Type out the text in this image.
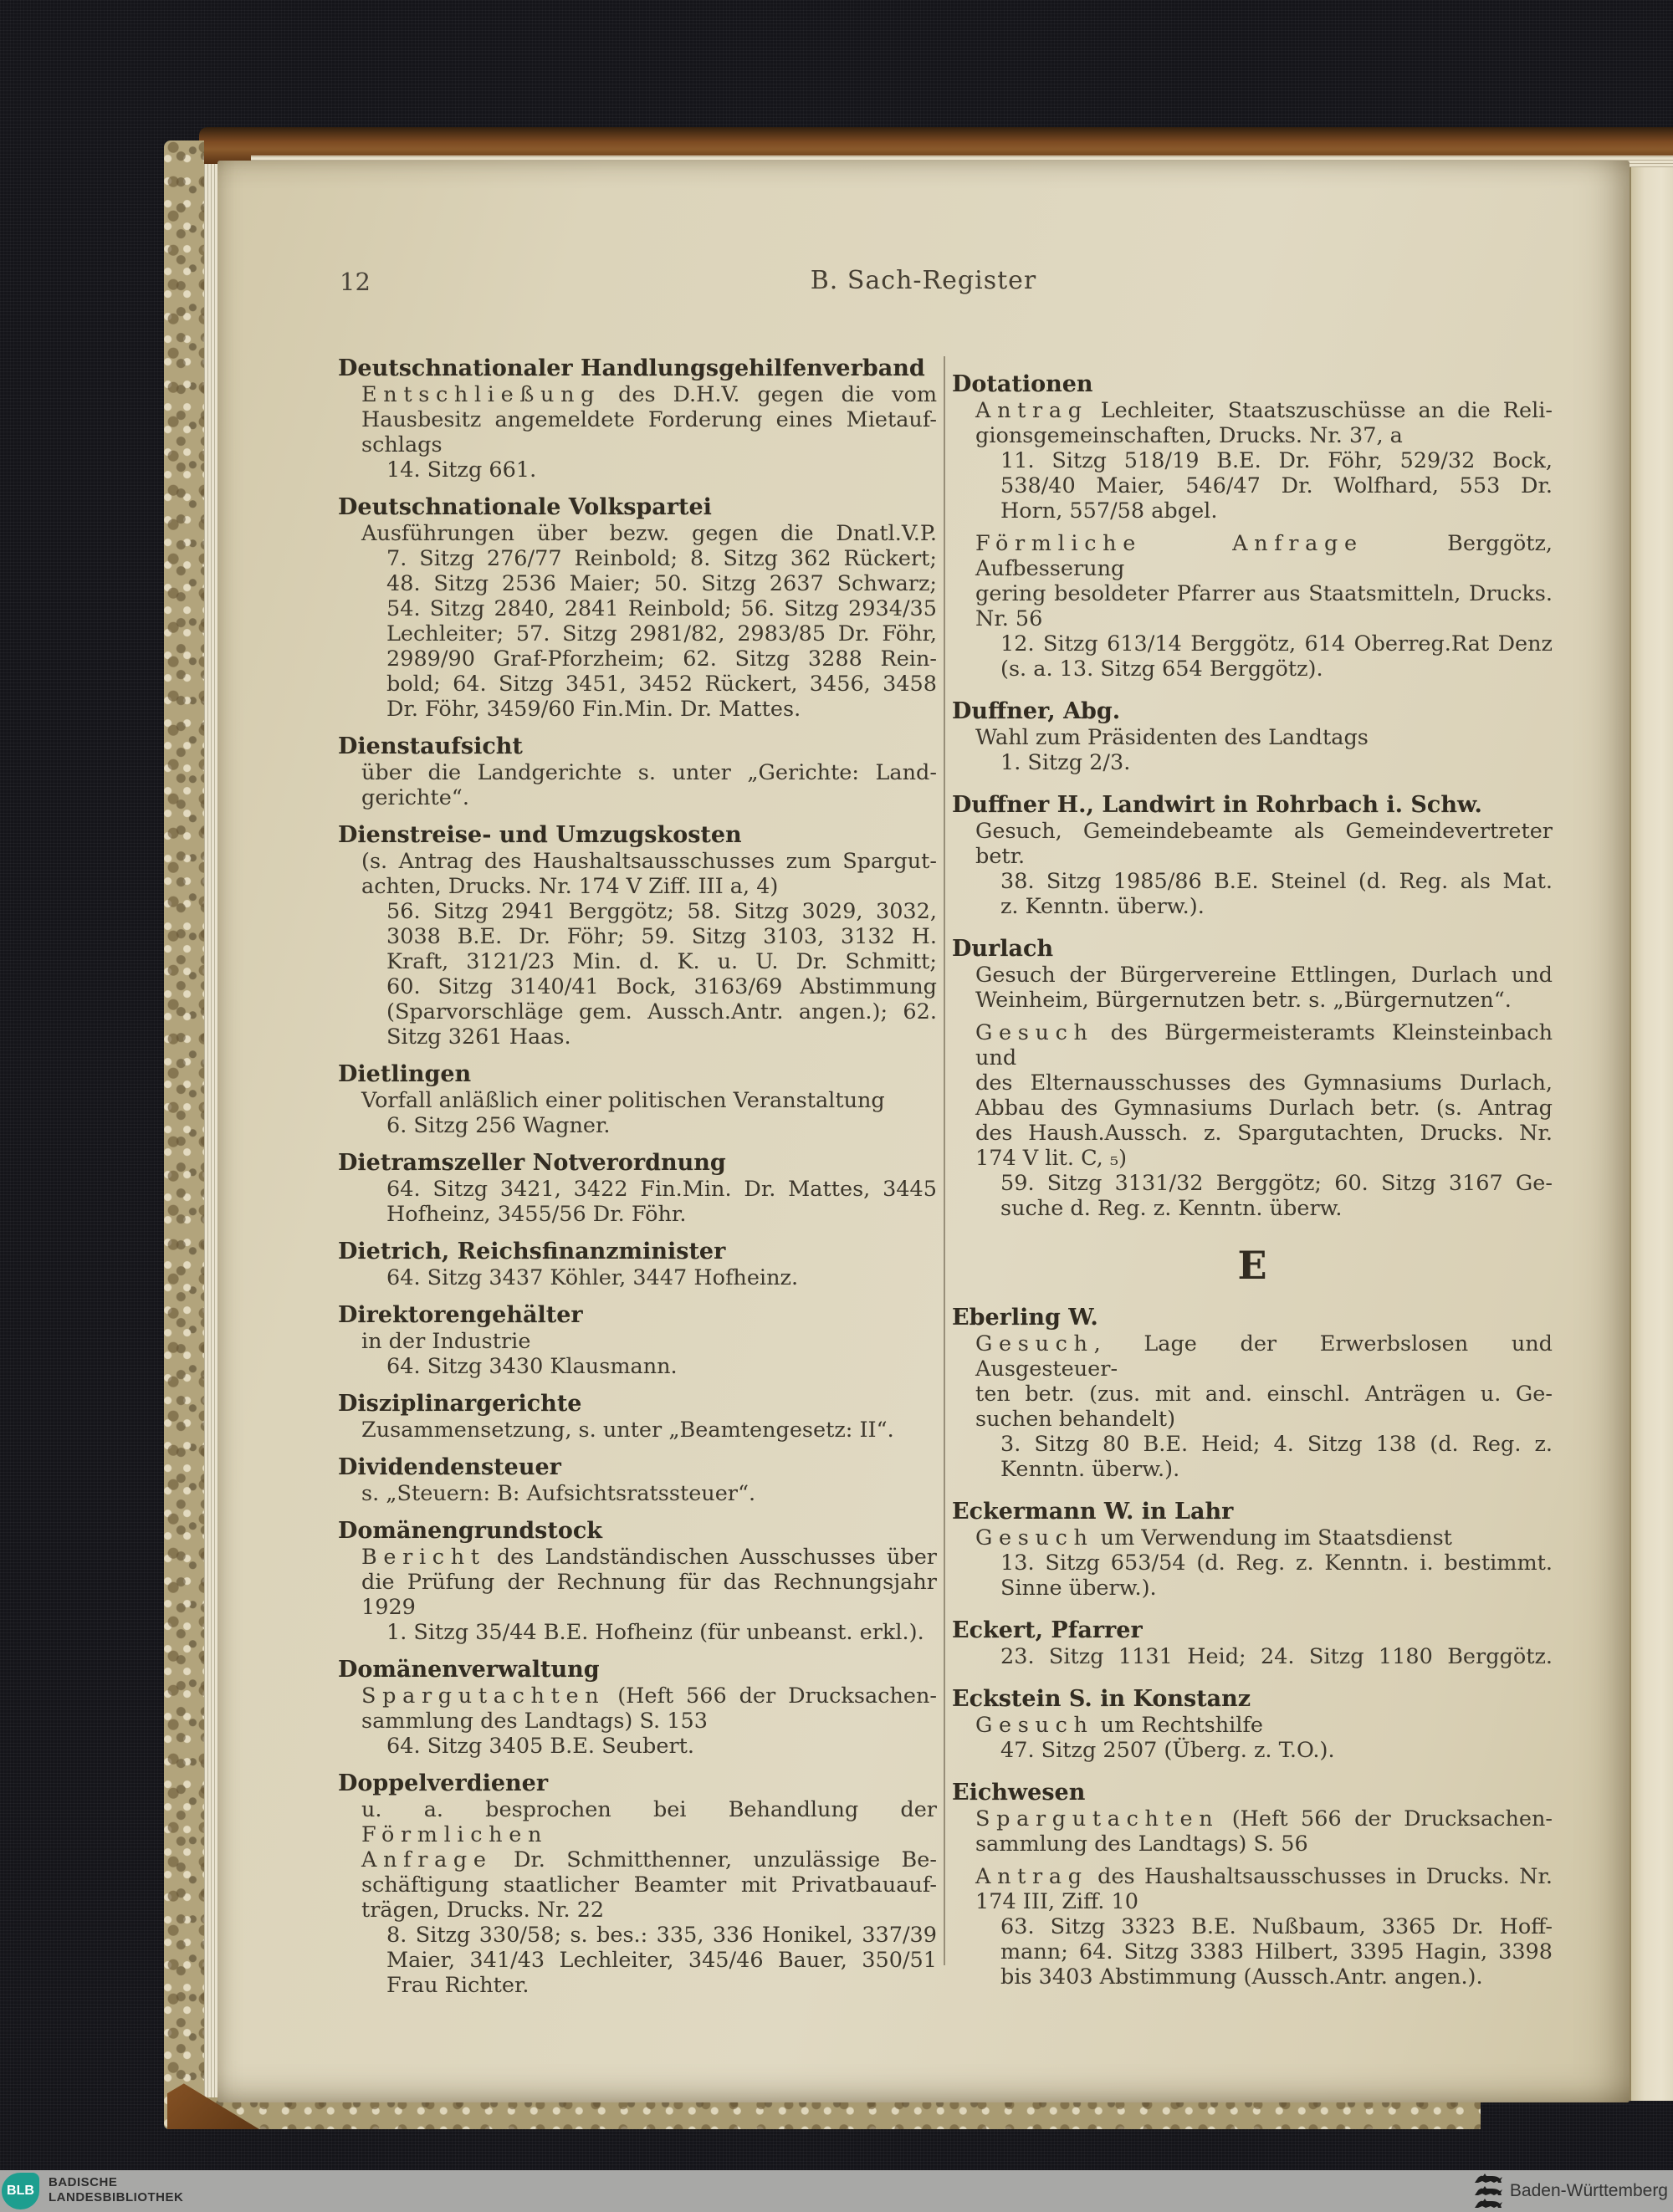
12	B. Sach-Register
Deutschnationaler Handlungsgehilfenverband
Entschließung des D.H.V. gegen die vom
Hausbesitz angemeldete Forderung eines Mietauf-
schlags
14. Sitzg 661.
Deutschnationale Volkspartei
Ausführungen über bezw. gegen die Dnatl.V.P.
7. Sitzg 276/77 Reinbold; 8. Sitzg 362 Rückert;
48. Sitzg 2536 Maier; 50. Sitzg 2637 Schwarz;
54. Sitzg 2840, 2841 Reinbold; 56. Sitzg 2934/35
Lechleiter; 57. Sitzg 2981/82, 2983/85 Dr. Föhr,
2989/90 Graf-Pforzheim; 62. Sitzg 3288 Rein-
bold; 64. Sitzg 3451, 3452 Rückert, 3456, 3458
Dr. Föhr, 3459/60 Fin.Min. Dr. Mattes.
Dienstaufsicht
über die Landgerichte s. unter „Gerichte: Land-
gerichte“.
Dienstreise- und Umzugskosten
(s. Antrag des Haushaltsausschusses zum Spargut-
achten, Drucks. Nr. 174 V Ziff. III a, 4)
56. Sitzg 2941 Berggötz; 58. Sitzg 3029, 3032,
3038 B.E. Dr. Föhr; 59. Sitzg 3103, 3132 H.
Kraft, 3121/23 Min. d. K. u. U. Dr. Schmitt;
60. Sitzg 3140/41 Bock, 3163/69 Abstimmung
(Sparvorschläge gem. Aussch.Antr. angen.); 62.
Sitzg 3261 Haas.
Dietlingen
Vorfall anläßlich einer politischen Veranstaltung
6. Sitzg 256 Wagner.
Dietramszeller Notverordnung
64. Sitzg 3421, 3422 Fin.Min. Dr. Mattes, 3445
Hofheinz, 3455/56 Dr. Föhr.
Dietrich, Reichsfinanzminister
64. Sitzg 3437 Köhler, 3447 Hofheinz.
Direktorengehälter
in der Industrie
64. Sitzg 3430 Klausmann.
Disziplinargerichte
Zusammensetzung, s. unter „Beamtengesetz: II“.
Dividendensteuer
s. „Steuern: B: Aufsichtsratssteuer“.
Domänengrundstock
Bericht des Landständischen Ausschusses über
die Prüfung der Rechnung für das Rechnungsjahr
1929
1. Sitzg 35/44 B.E. Hofheinz (für unbeanst. erkl.).
Domänenverwaltung
Spargutachten (Heft 566 der Drucksachen-
sammlung des Landtags) S. 153
64. Sitzg 3405 B.E. Seubert.
Doppelverdiener
u. a. besprochen bei Behandlung der Förmlichen
Anfrage Dr. Schmitthenner, unzulässige Be-
schäftigung staatlicher Beamter mit Privatbauauf-
trägen, Drucks. Nr. 22
8. Sitzg 330/58; s. bes.: 335, 336 Honikel, 337/39
Maier, 341/43 Lechleiter, 345/46 Bauer, 350/51
Frau Richter.
Dotationen
Antrag Lechleiter, Staatszuschüsse an die Reli-
gionsgemeinschaften, Drucks. Nr. 37, a
11. Sitzg 518/19 B.E. Dr. Föhr, 529/32 Bock,
538/40 Maier, 546/47 Dr. Wolfhard, 553 Dr.
Horn, 557/58 abgel.
Förmliche Anfrage Berggötz, Aufbesserung
gering besoldeter Pfarrer aus Staatsmitteln, Drucks.
Nr. 56
12. Sitzg 613/14 Berggötz, 614 Oberreg.Rat Denz
(s. a. 13. Sitzg 654 Berggötz).
Duffner, Abg.
Wahl zum Präsidenten des Landtags
1. Sitzg 2/3.
Duffner H., Landwirt in Rohrbach i. Schw.
Gesuch, Gemeindebeamte als Gemeindevertreter
betr.
38. Sitzg 1985/86 B.E. Steinel (d. Reg. als Mat.
z. Kenntn. überw.).
Durlach
Gesuch der Bürgervereine Ettlingen, Durlach und
Weinheim, Bürgernutzen betr. s. „Bürgernutzen“.
Gesuch des Bürgermeisteramts Kleinsteinbach und
des Elternausschusses des Gymnasiums Durlach,
Abbau des Gymnasiums Durlach betr. (s. Antrag
des Haush.Aussch. z. Spargutachten, Drucks. Nr.
174 V lit. C, ₅)
59. Sitzg 3131/32 Berggötz; 60. Sitzg 3167 Ge-
suche d. Reg. z. Kenntn. überw.
E
Eberling W.
Gesuch, Lage der Erwerbslosen und Ausgesteuer-
ten betr. (zus. mit and. einschl. Anträgen u. Ge-
suchen behandelt)
3. Sitzg 80 B.E. Heid; 4. Sitzg 138 (d. Reg. z.
Kenntn. überw.).
Eckermann W. in Lahr
Gesuch um Verwendung im Staatsdienst
13. Sitzg 653/54 (d. Reg. z. Kenntn. i. bestimmt.
Sinne überw.).
Eckert, Pfarrer
23. Sitzg 1131 Heid; 24. Sitzg 1180 Berggötz.
Eckstein S. in Konstanz
Gesuch um Rechtshilfe
47. Sitzg 2507 (Überg. z. T.O.).
Eichwesen
Spargutachten (Heft 566 der Drucksachen-
sammlung des Landtags) S. 56
Antrag des Haushaltsausschusses in Drucks. Nr.
174 III, Ziff. 10
63. Sitzg 3323 B.E. Nußbaum, 3365 Dr. Hoff-
mann; 64. Sitzg 3383 Hilbert, 3395 Hagin, 3398
bis 3403 Abstimmung (Aussch.Antr. angen.).
BLB
BADISCHE
LANDESBIBLIOTHEK	Baden-Württemberg
